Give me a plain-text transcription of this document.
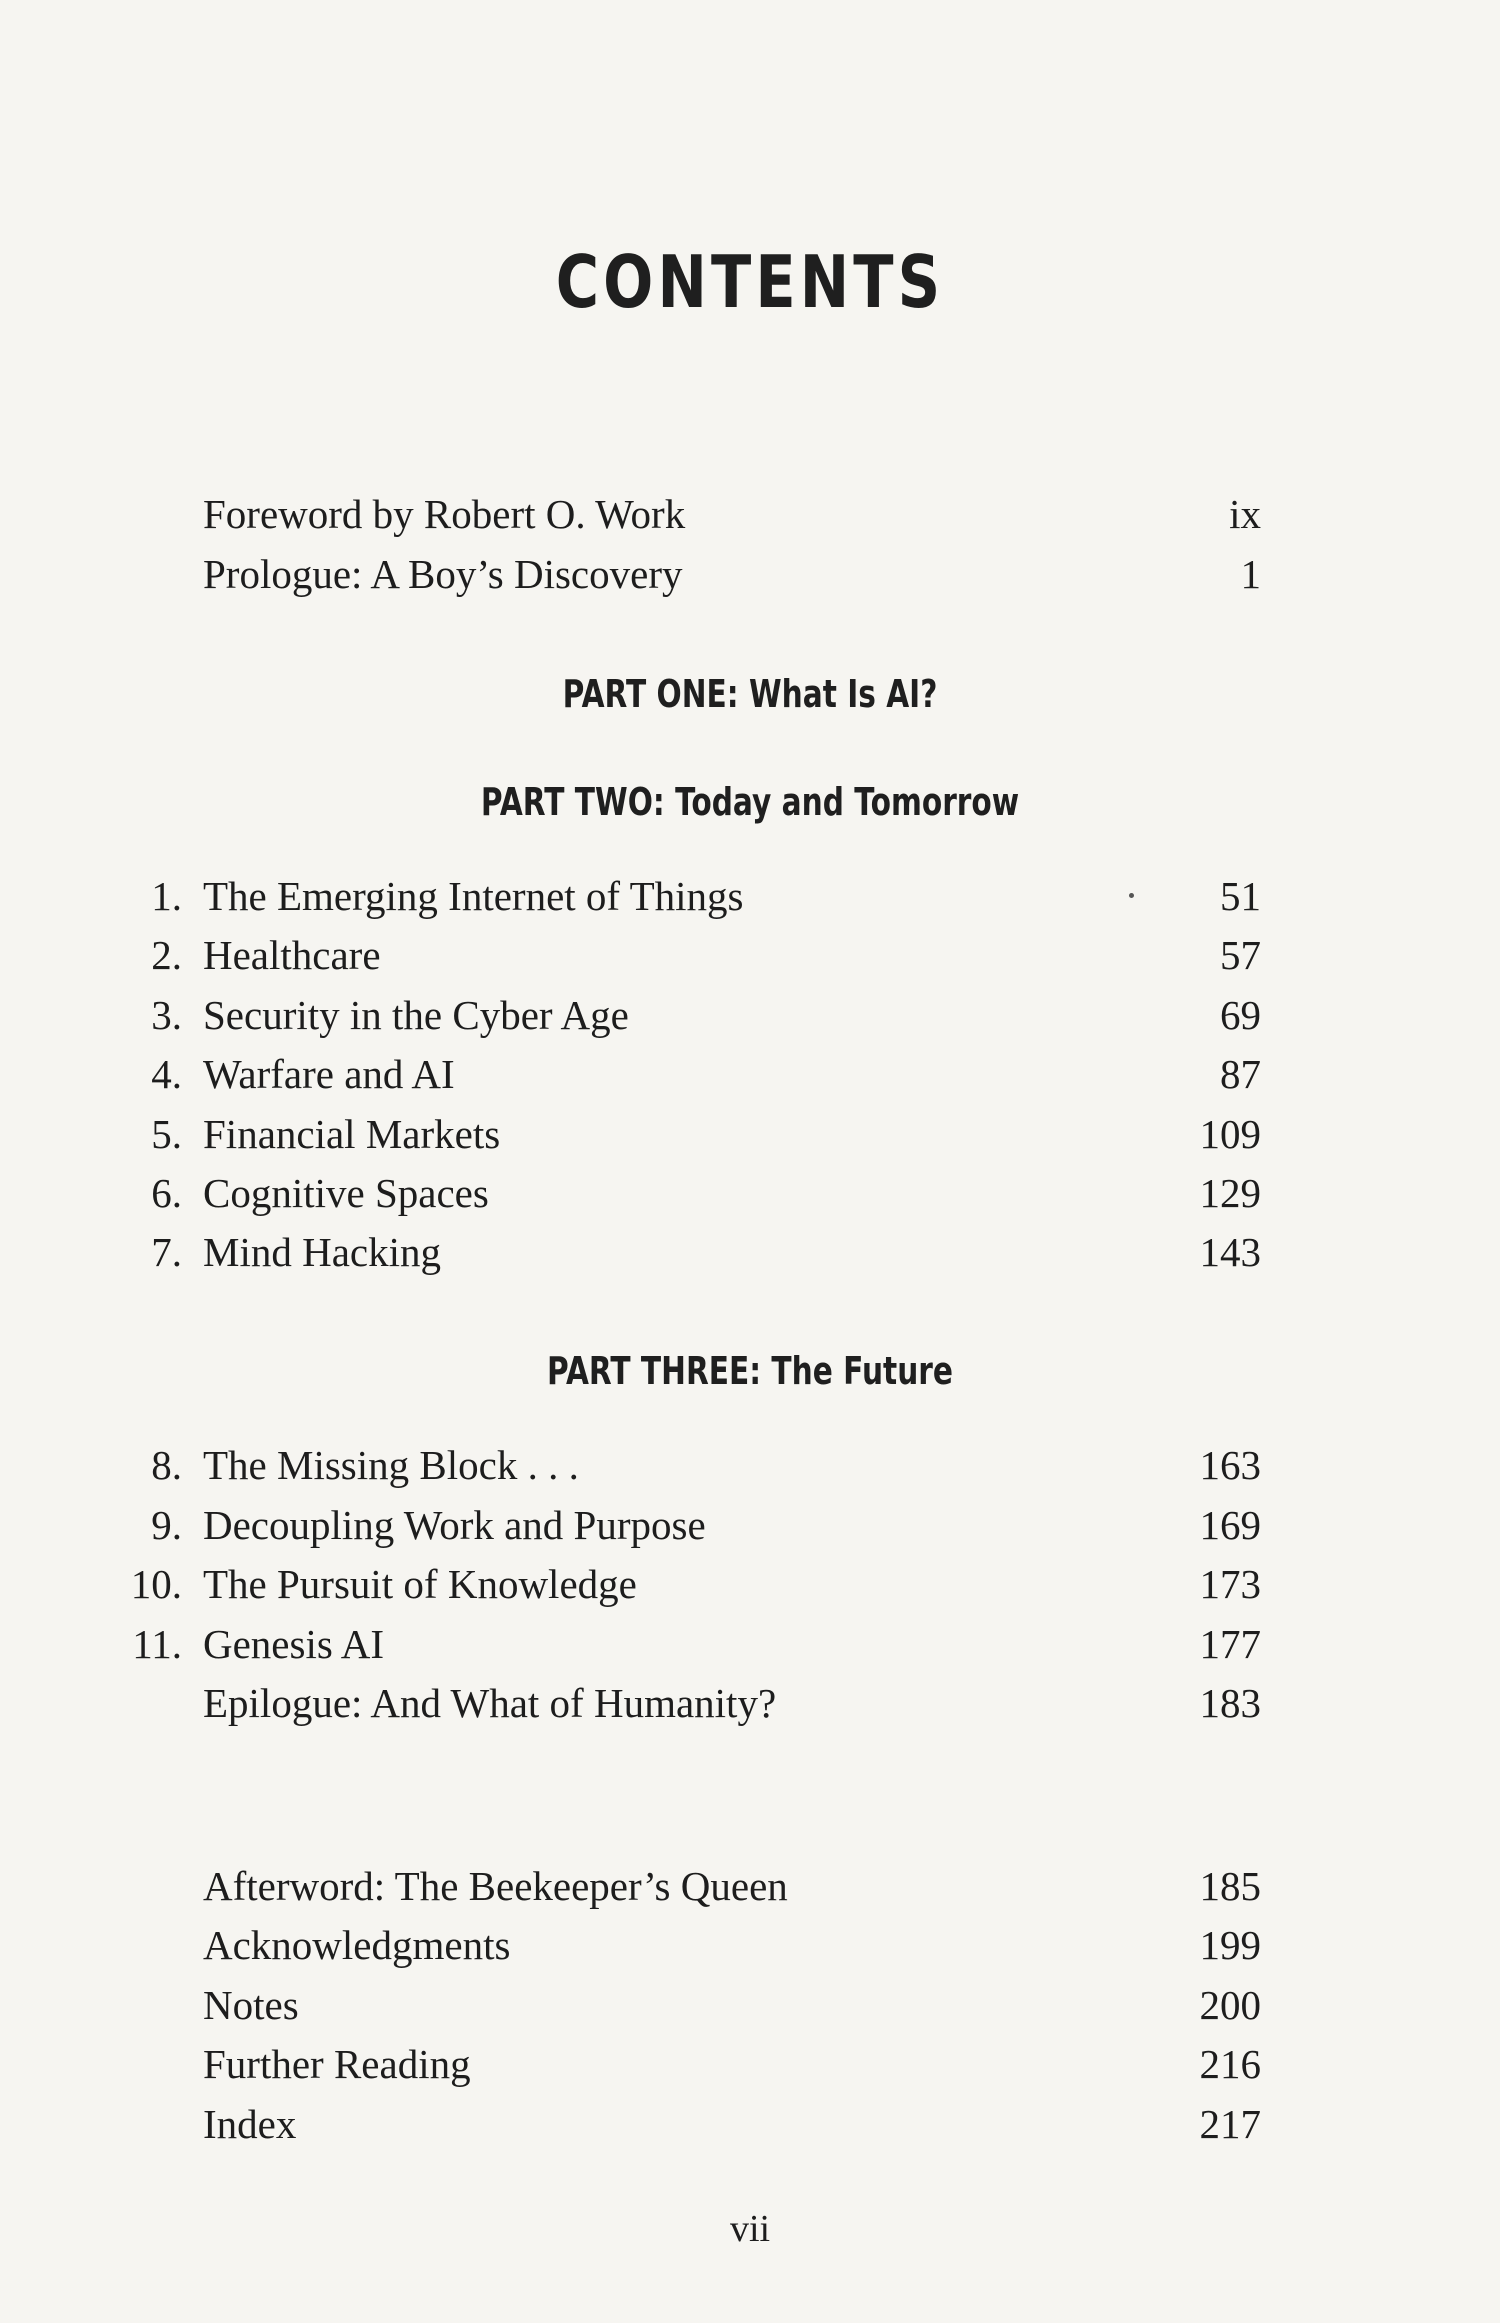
CONTENTS
Foreword by Robert O. Work	ix
Prologue: A Boy’s Discovery	1
PART ONE: What Is AI?
PART TWO: Today and Tomorrow
1. The Emerging Internet of Things	51
2. Healthcare	57
3. Security in the Cyber Age	69
4. Warfare and AI	87
5. Financial Markets	109
6. Cognitive Spaces	129
7. Mind Hacking	143
PART THREE: The Future
8. The Missing Block . . .	163
9. Decoupling Work and Purpose	169
10. The Pursuit of Knowledge	173
11. Genesis AI	177
Epilogue: And What of Humanity?	183
Afterword: The Beekeeper’s Queen	185
Acknowledgments	199
Notes	200
Further Reading	216
Index	217
vii
